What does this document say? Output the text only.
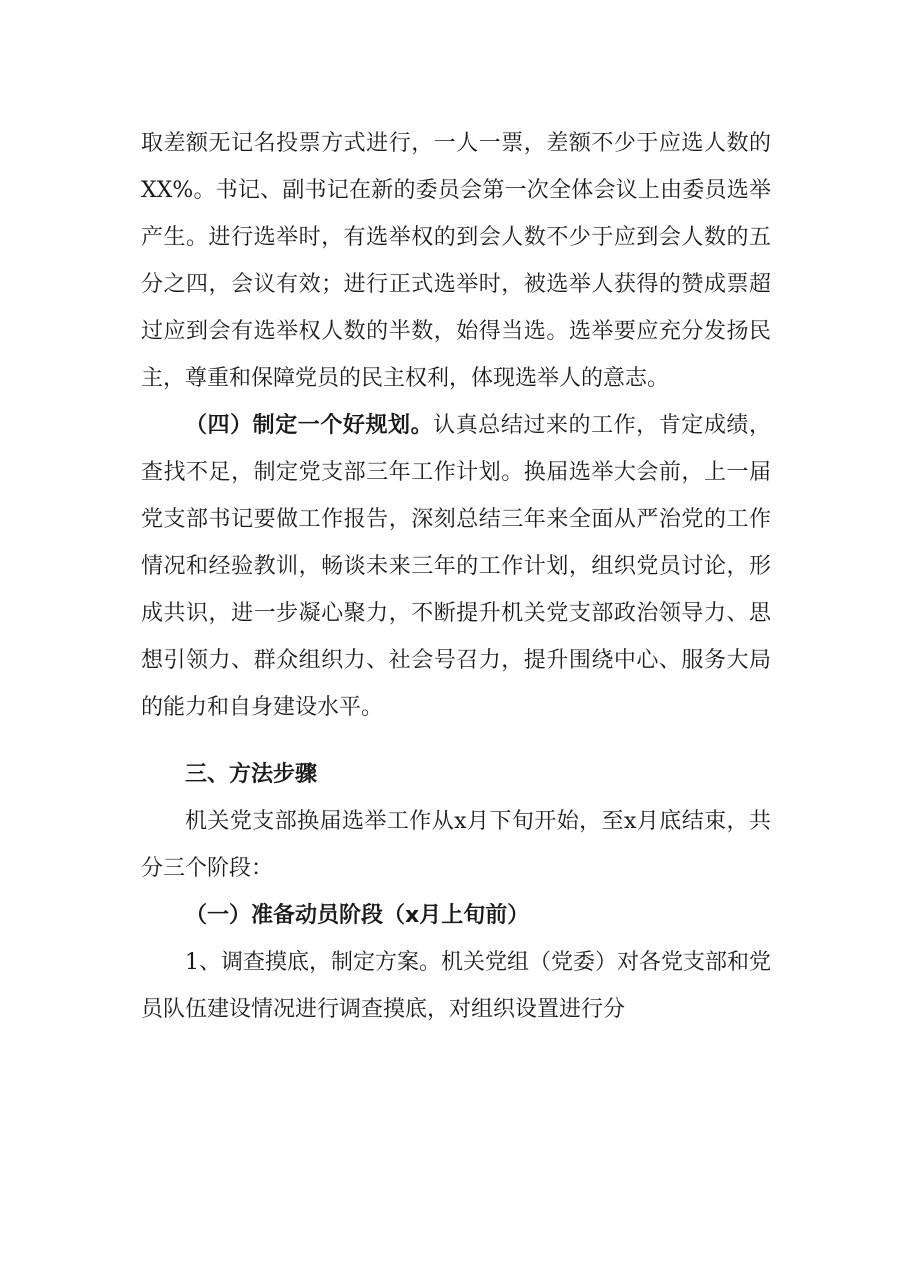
取差额无记名投票方式进行，一人一票，差额不少于应选人数的XX%。书记、副书记在新的委员会第一次全体会议上由委员选举产生。进行选举时，有选举权的到会人数不少于应到会人数的五分之四，会议有效；进行正式选举时，被选举人获得的赞成票超过应到会有选举权人数的半数，始得当选。选举要应充分发扬民主，尊重和保障党员的民主权利，体现选举人的意志。

（四）制定一个好规划。认真总结过来的工作，肯定成绩，查找不足，制定党支部三年工作计划。换届选举大会前，上一届党支部书记要做工作报告，深刻总结三年来全面从严治党的工作情况和经验教训，畅谈未来三年的工作计划，组织党员讨论，形成共识，进一步凝心聚力，不断提升机关党支部政治领导力、思想引领力、群众组织力、社会号召力，提升围绕中心、服务大局的能力和自身建设水平。

三、方法步骤

机关党支部换届选举工作从x月下旬开始，至x月底结束，共分三个阶段：

（一）准备动员阶段（x月上旬前）

1、调查摸底，制定方案。机关党组（党委）对各党支部和党员队伍建设情况进行调查摸底，对组织设置进行分
